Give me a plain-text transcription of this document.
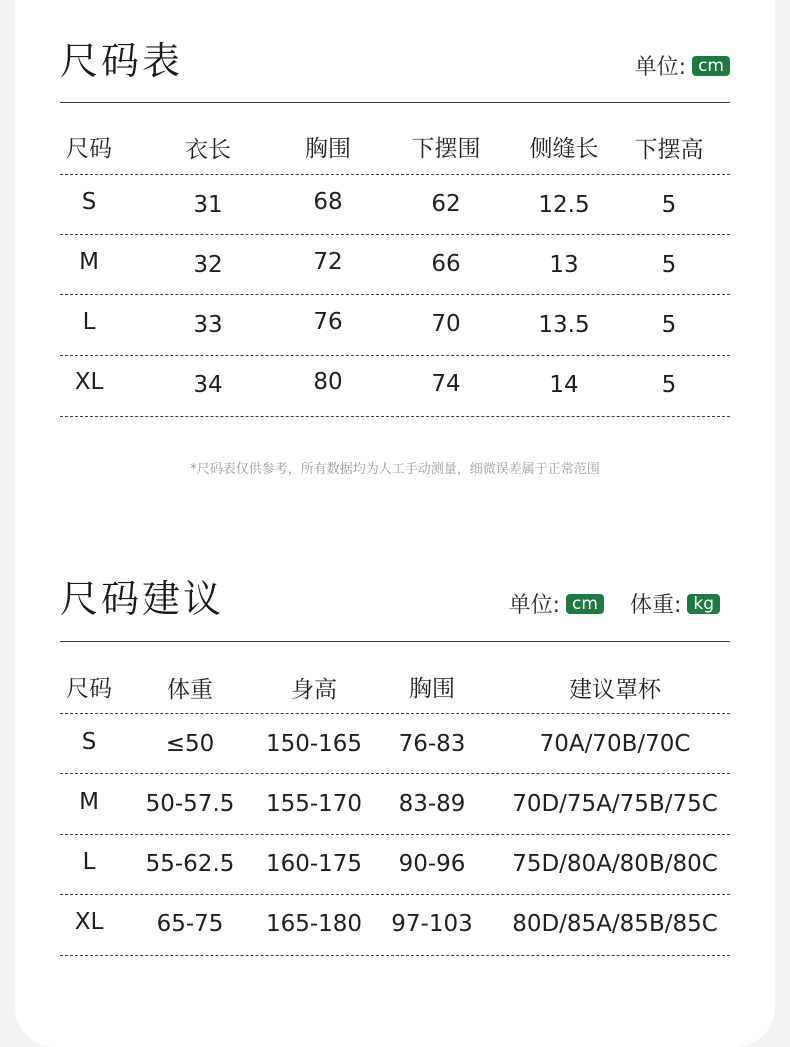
尺码表	单位: cm
尺码	衣长	胸围	下摆围 侧缝长 下摆高
S	31	68	62	12.5	5
M	32	72	66	13	5
L	33	76	70	13.5	5
XL	34	80	74	14	5
*尺码表仅供参考，所有数据均为人工手动测量，细微误差属于正常范围
尺码建议	单位: cm 体重: kg
尺码 体重	身高	胸围	建议罩杯
S	≤50 150-165 76-83	70A/70B/70C
M 50-57.5 155-170 83-89 70D/75A/75B/75C
L 55-62.5 160-175 90-96 75D/80A/80B/80C
XL 65-75 165-180 97-103 80D/85A/85B/85C
